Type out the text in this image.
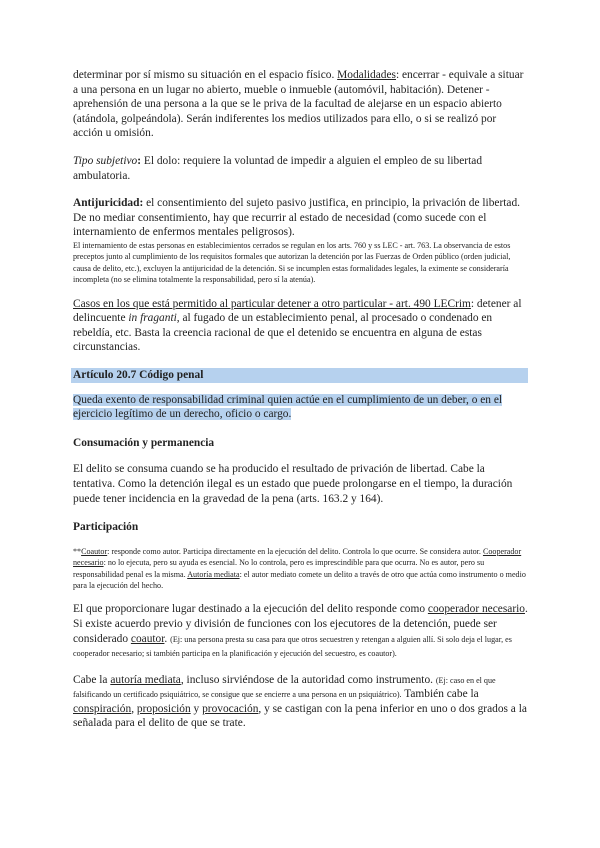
determinar por sí mismo su situación en el espacio físico. Modalidades: encerrar - equivale a situar a una persona en un lugar no abierto, mueble o inmueble (automóvil, habitación). Detener - aprehensión de una persona a la que se le priva de la facultad de alejarse en un espacio abierto (atándola, golpeándola). Serán indiferentes los medios utilizados para ello, o si se realizó por acción u omisión.

Tipo subjetivo: El dolo: requiere la voluntad de impedir a alguien el empleo de su libertad ambulatoria.

Antijuricidad: el consentimiento del sujeto pasivo justifica, en principio, la privación de libertad. De no mediar consentimiento, hay que recurrir al estado de necesidad (como sucede con el internamiento de enfermos mentales peligrosos).

El internamiento de estas personas en establecimientos cerrados se regulan en los arts. 760 y ss LEC - art. 763. La observancia de estos preceptos junto al cumplimiento de los requisitos formales que autorizan la detención por las Fuerzas de Orden público (orden judicial, causa de delito, etc.), excluyen la antijuricidad de la detención. Si se incumplen estas formalidades legales, la eximente se consideraría incompleta (no se elimina totalmente la responsabilidad, pero sí la atenúa).

Casos en los que está permitido al particular detener a otro particular - art. 490 LECrim: detener al delincuente in fraganti, al fugado de un establecimiento penal, al procesado o condenado en rebeldía, etc. Basta la creencia racional de que el detenido se encuentra en alguna de estas circunstancias.

Artículo 20.7 Código penal

Queda exento de responsabilidad criminal quien actúe en el cumplimiento de un deber, o en el ejercicio legítimo de un derecho, oficio o cargo.

Consumación y permanencia

El delito se consuma cuando se ha producido el resultado de privación de libertad. Cabe la tentativa. Como la detención ilegal es un estado que puede prolongarse en el tiempo, la duración puede tener incidencia en la gravedad de la pena (arts. 163.2 y 164).

Participación

**Coautor: responde como autor. Participa directamente en la ejecución del delito. Controla lo que ocurre. Se considera autor. Cooperador necesario: no lo ejecuta, pero su ayuda es esencial. No lo controla, pero es imprescindible para que ocurra. No es autor, pero su responsabilidad penal es la misma. Autoría mediata: el autor mediato comete un delito a través de otro que actúa como instrumento o medio para la ejecución del hecho.

El que proporcionare lugar destinado a la ejecución del delito responde como cooperador necesario. Si existe acuerdo previo y división de funciones con los ejecutores de la detención, puede ser considerado coautor. (Ej: una persona presta su casa para que otros secuestren y retengan a alguien allí. Si solo deja el lugar, es cooperador necesario; si también participa en la planificación y ejecución del secuestro, es coautor).

Cabe la autoría mediata, incluso sirviéndose de la autoridad como instrumento. (Ej: caso en el que falsificando un certificado psiquiátrico, se consigue que se encierre a una persona en un psiquiátrico). También cabe la conspiración, proposición y provocación, y se castigan con la pena inferior en uno o dos grados a la señalada para el delito de que se trate.
